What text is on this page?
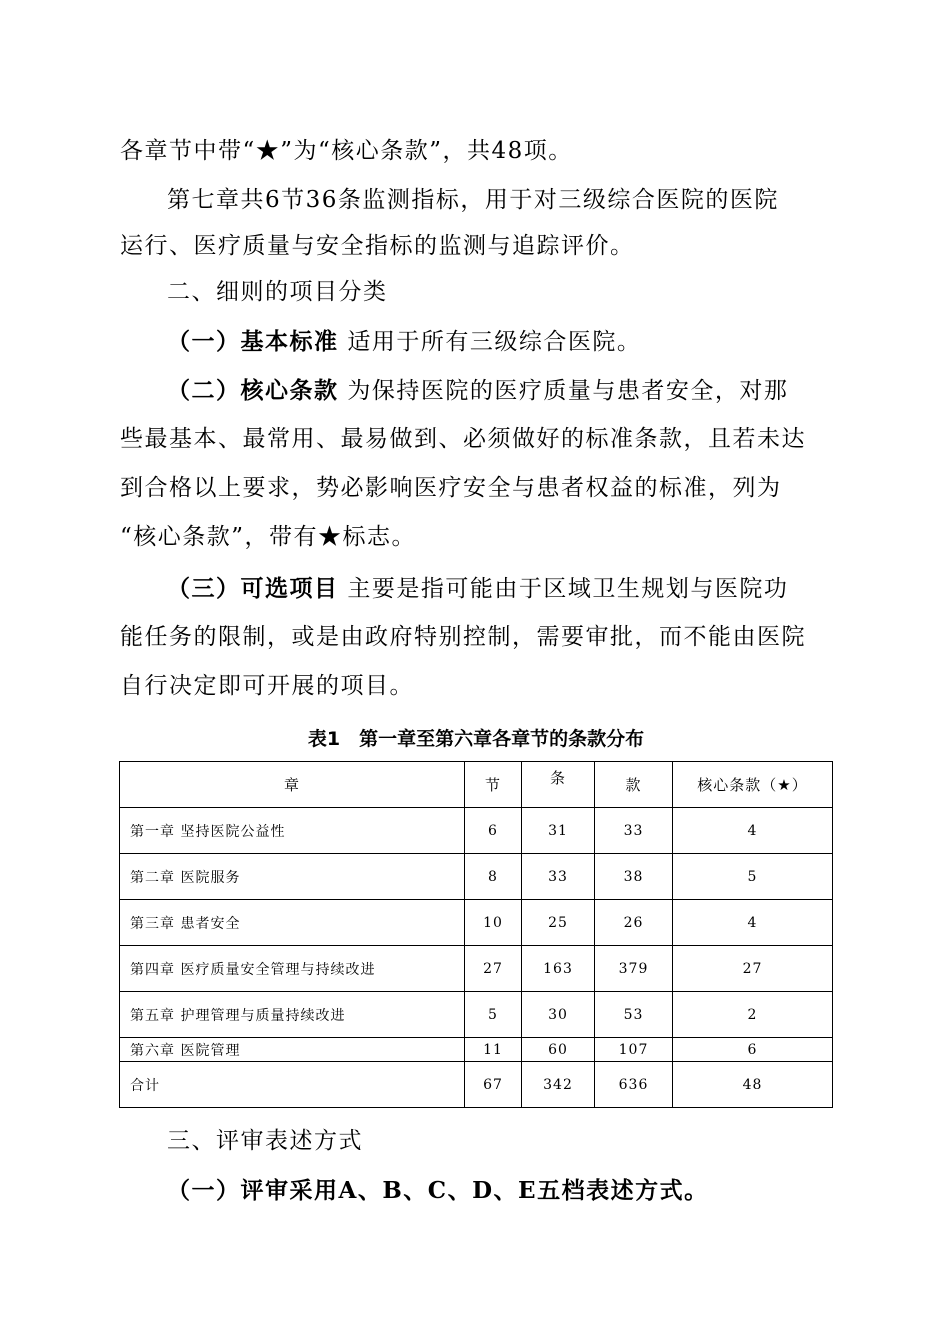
各章节中带“★”为“核心条款”，共48项。
第七章共6节36条监测指标，用于对三级综合医院的医院
运行、医疗质量与安全指标的监测与追踪评价。
二、细则的项目分类
（一）基本标准 适用于所有三级综合医院。
（二）核心条款 为保持医院的医疗质量与患者安全，对那
些最基本、最常用、最易做到、必须做好的标准条款，且若未达
到合格以上要求，势必影响医疗安全与患者权益的标准，列为
“核心条款”，带有★标志。
（三）可选项目 主要是指可能由于区域卫生规划与医院功
能任务的限制，或是由政府特别控制，需要审批，而不能由医院
自行决定即可开展的项目。
表1　第一章至第六章各章节的条款分布
章	节	条	款	核心条款（★）
第一章 坚持医院公益性	6	31	33	4
第二章 医院服务	8	33	38	5
第三章 患者安全	10	25	26	4
第四章 医疗质量安全管理与持续改进	27	163	379	27
第五章 护理管理与质量持续改进	5	30	53	2
第六章 医院管理	11	60	107	6
合计	67	342	636	48
三、评审表述方式
（一）评审采用A、B、C、D、E五档表述方式。
